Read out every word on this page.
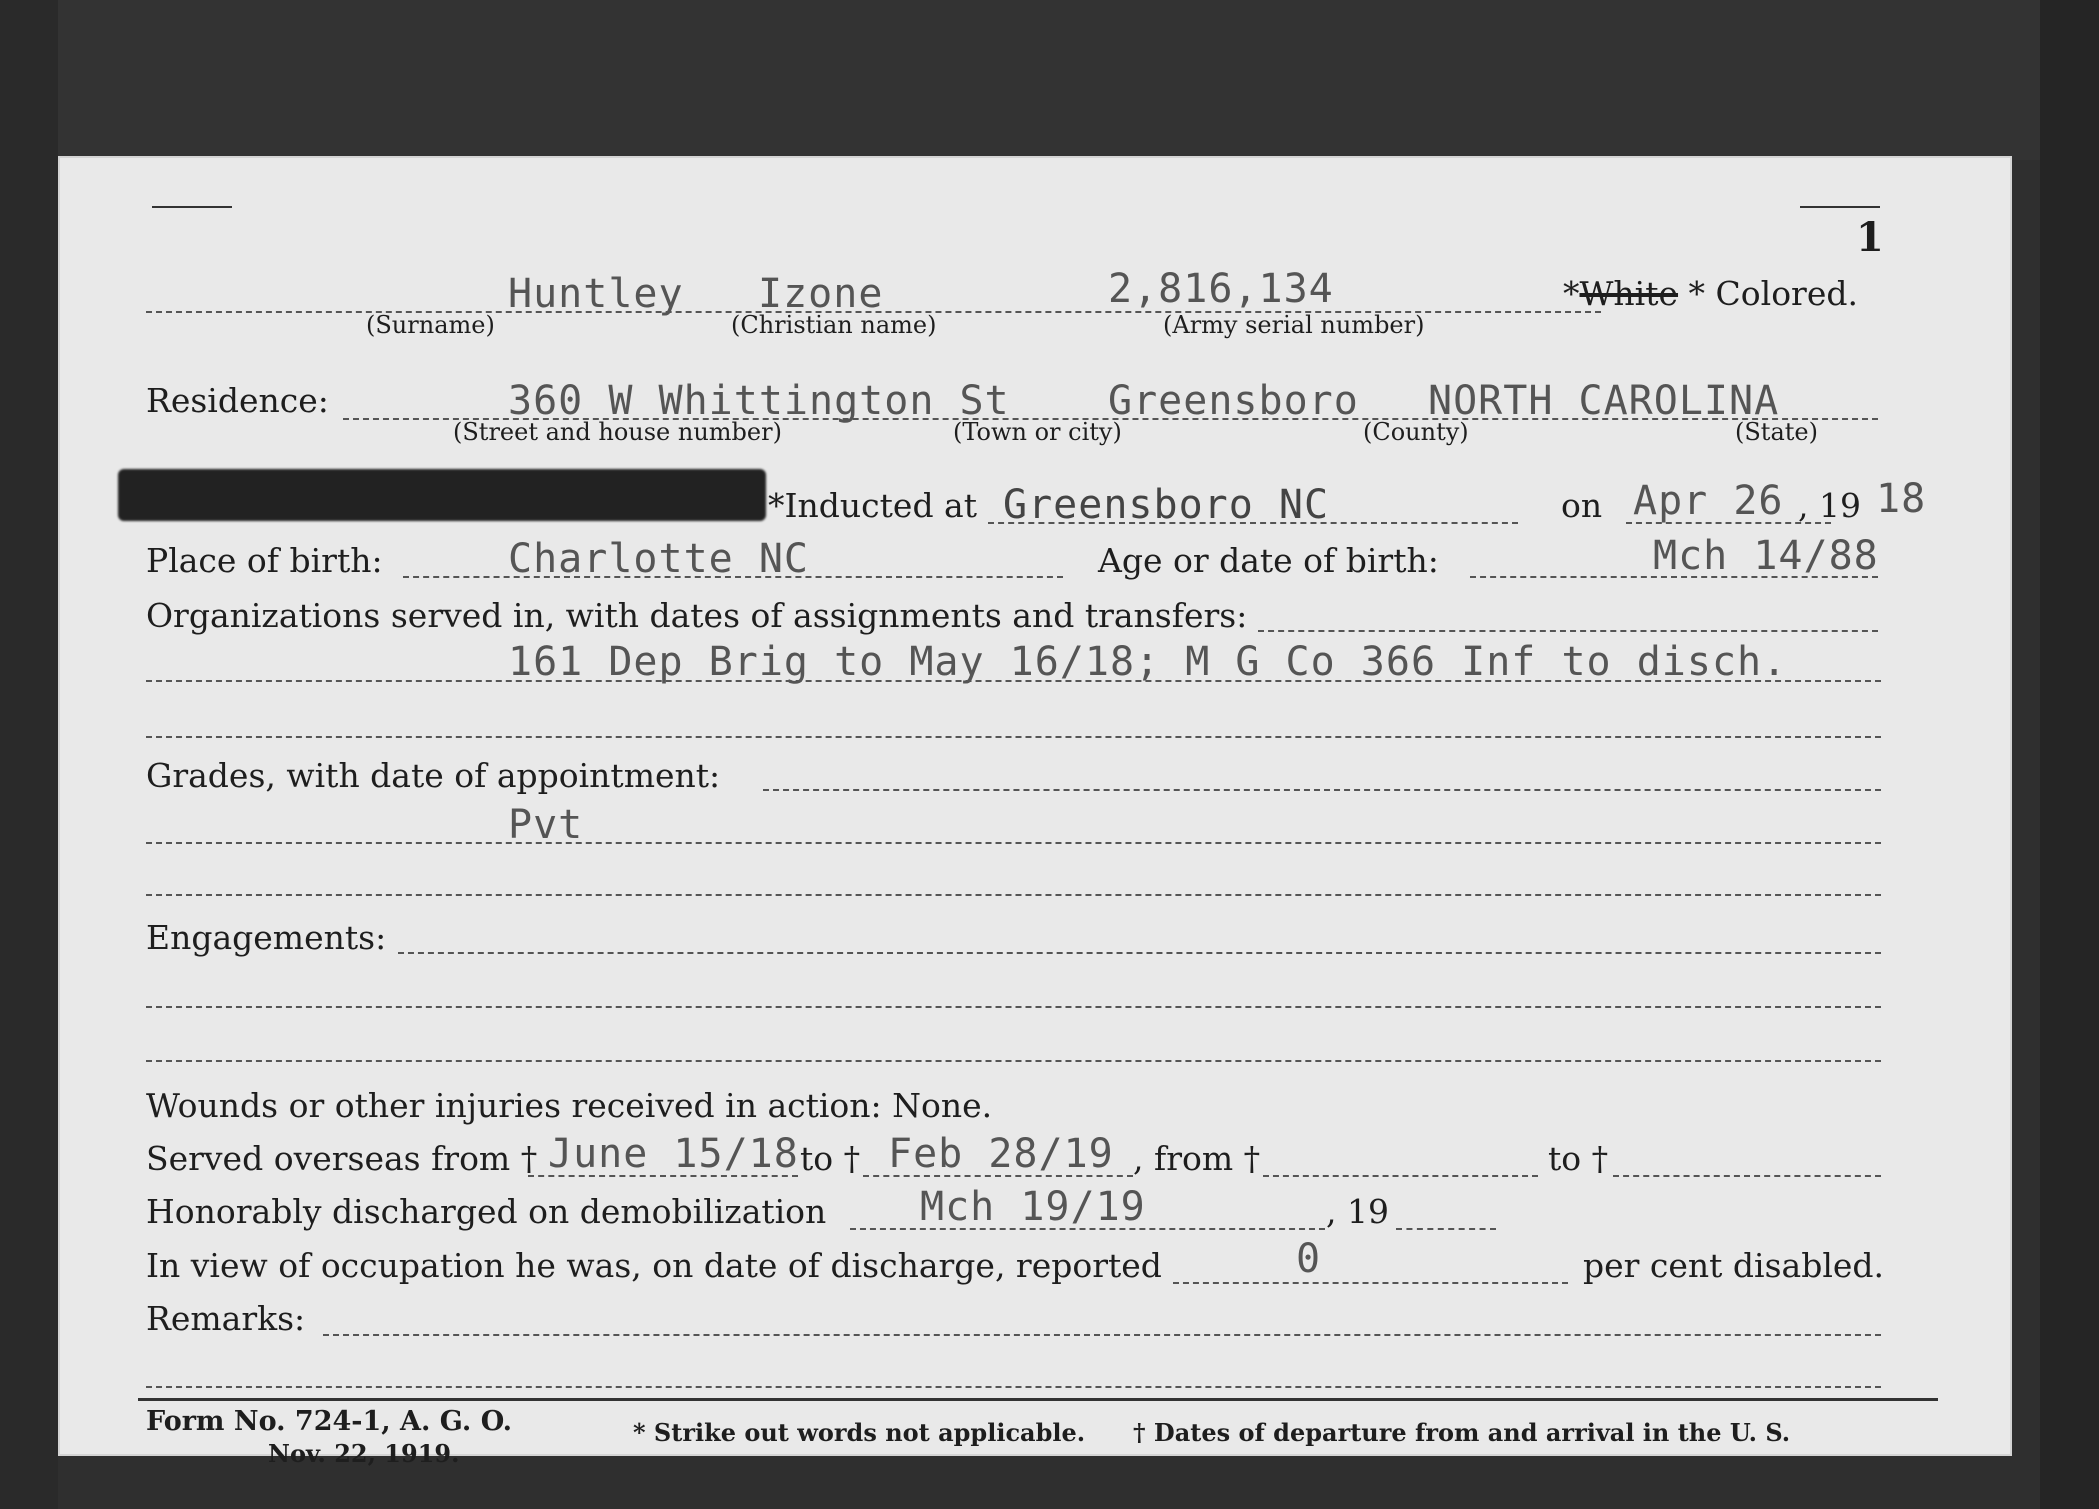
1
Huntley Izone	2,816,134	*White * Colored.
(Surname)	(Christian name)	(Army serial number)
Residence:	360 W Whittington St Greensboro NORTH CAROLINA
(Street and house number)	(Town or city)	(County)	(State)
*Inducted at Greensboro NC	on Apr 26 , 19 18
Place of birth:	Charlotte NC	Age or date of birth:	Mch 14/88
Organizations served in, with dates of assignments and transfers:
161 Dep Brig to May 16/18; M G Co 366 Inf to disch.
Grades, with date of appointment:
Pvt
Engagements:
Wounds or other injuries received in action: None.
Served overseas from † June 15/18 to † Feb 28/19 , from †	to †
Honorably discharged on demobilization Mch 19/19	, 19
In view of occupation he was, on date of discharge, reported	0	per cent disabled.
Remarks:
Form No. 724-1, A. G. O.
Nov. 22, 1919.
* Strike out words not applicable. † Dates of departure from and arrival in the U. S.
